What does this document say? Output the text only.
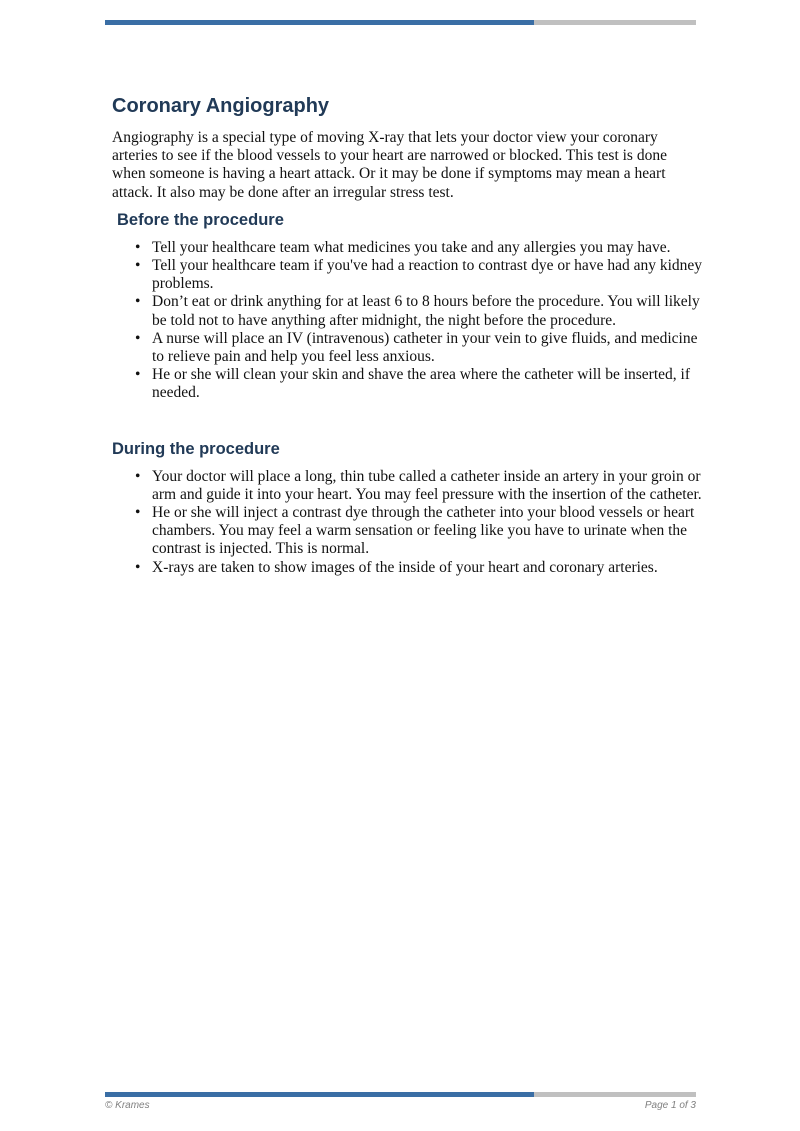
Coronary Angiography

Angiography is a special type of moving X-ray that lets your doctor view your coronary arteries to see if the blood vessels to your heart are narrowed or blocked. This test is done when someone is having a heart attack. Or it may be done if symptoms may mean a heart attack. It also may be done after an irregular stress test.

Before the procedure
• Tell your healthcare team what medicines you take and any allergies you may have.
• Tell your healthcare team if you've had a reaction to contrast dye or have had any kidney problems.
• Don’t eat or drink anything for at least 6 to 8 hours before the procedure. You will likely be told not to have anything after midnight, the night before the procedure.
• A nurse will place an IV (intravenous) catheter in your vein to give fluids, and medicine to relieve pain and help you feel less anxious.
• He or she will clean your skin and shave the area where the catheter will be inserted, if needed.
During the procedure
• Your doctor will place a long, thin tube called a catheter inside an artery in your groin or arm and guide it into your heart. You may feel pressure with the insertion of the catheter.
• He or she will inject a contrast dye through the catheter into your blood vessels or heart chambers. You may feel a warm sensation or feeling like you have to urinate when the contrast is injected. This is normal.
• X-rays are taken to show images of the inside of your heart and coronary arteries.
© Krames	Page 1 of 3
